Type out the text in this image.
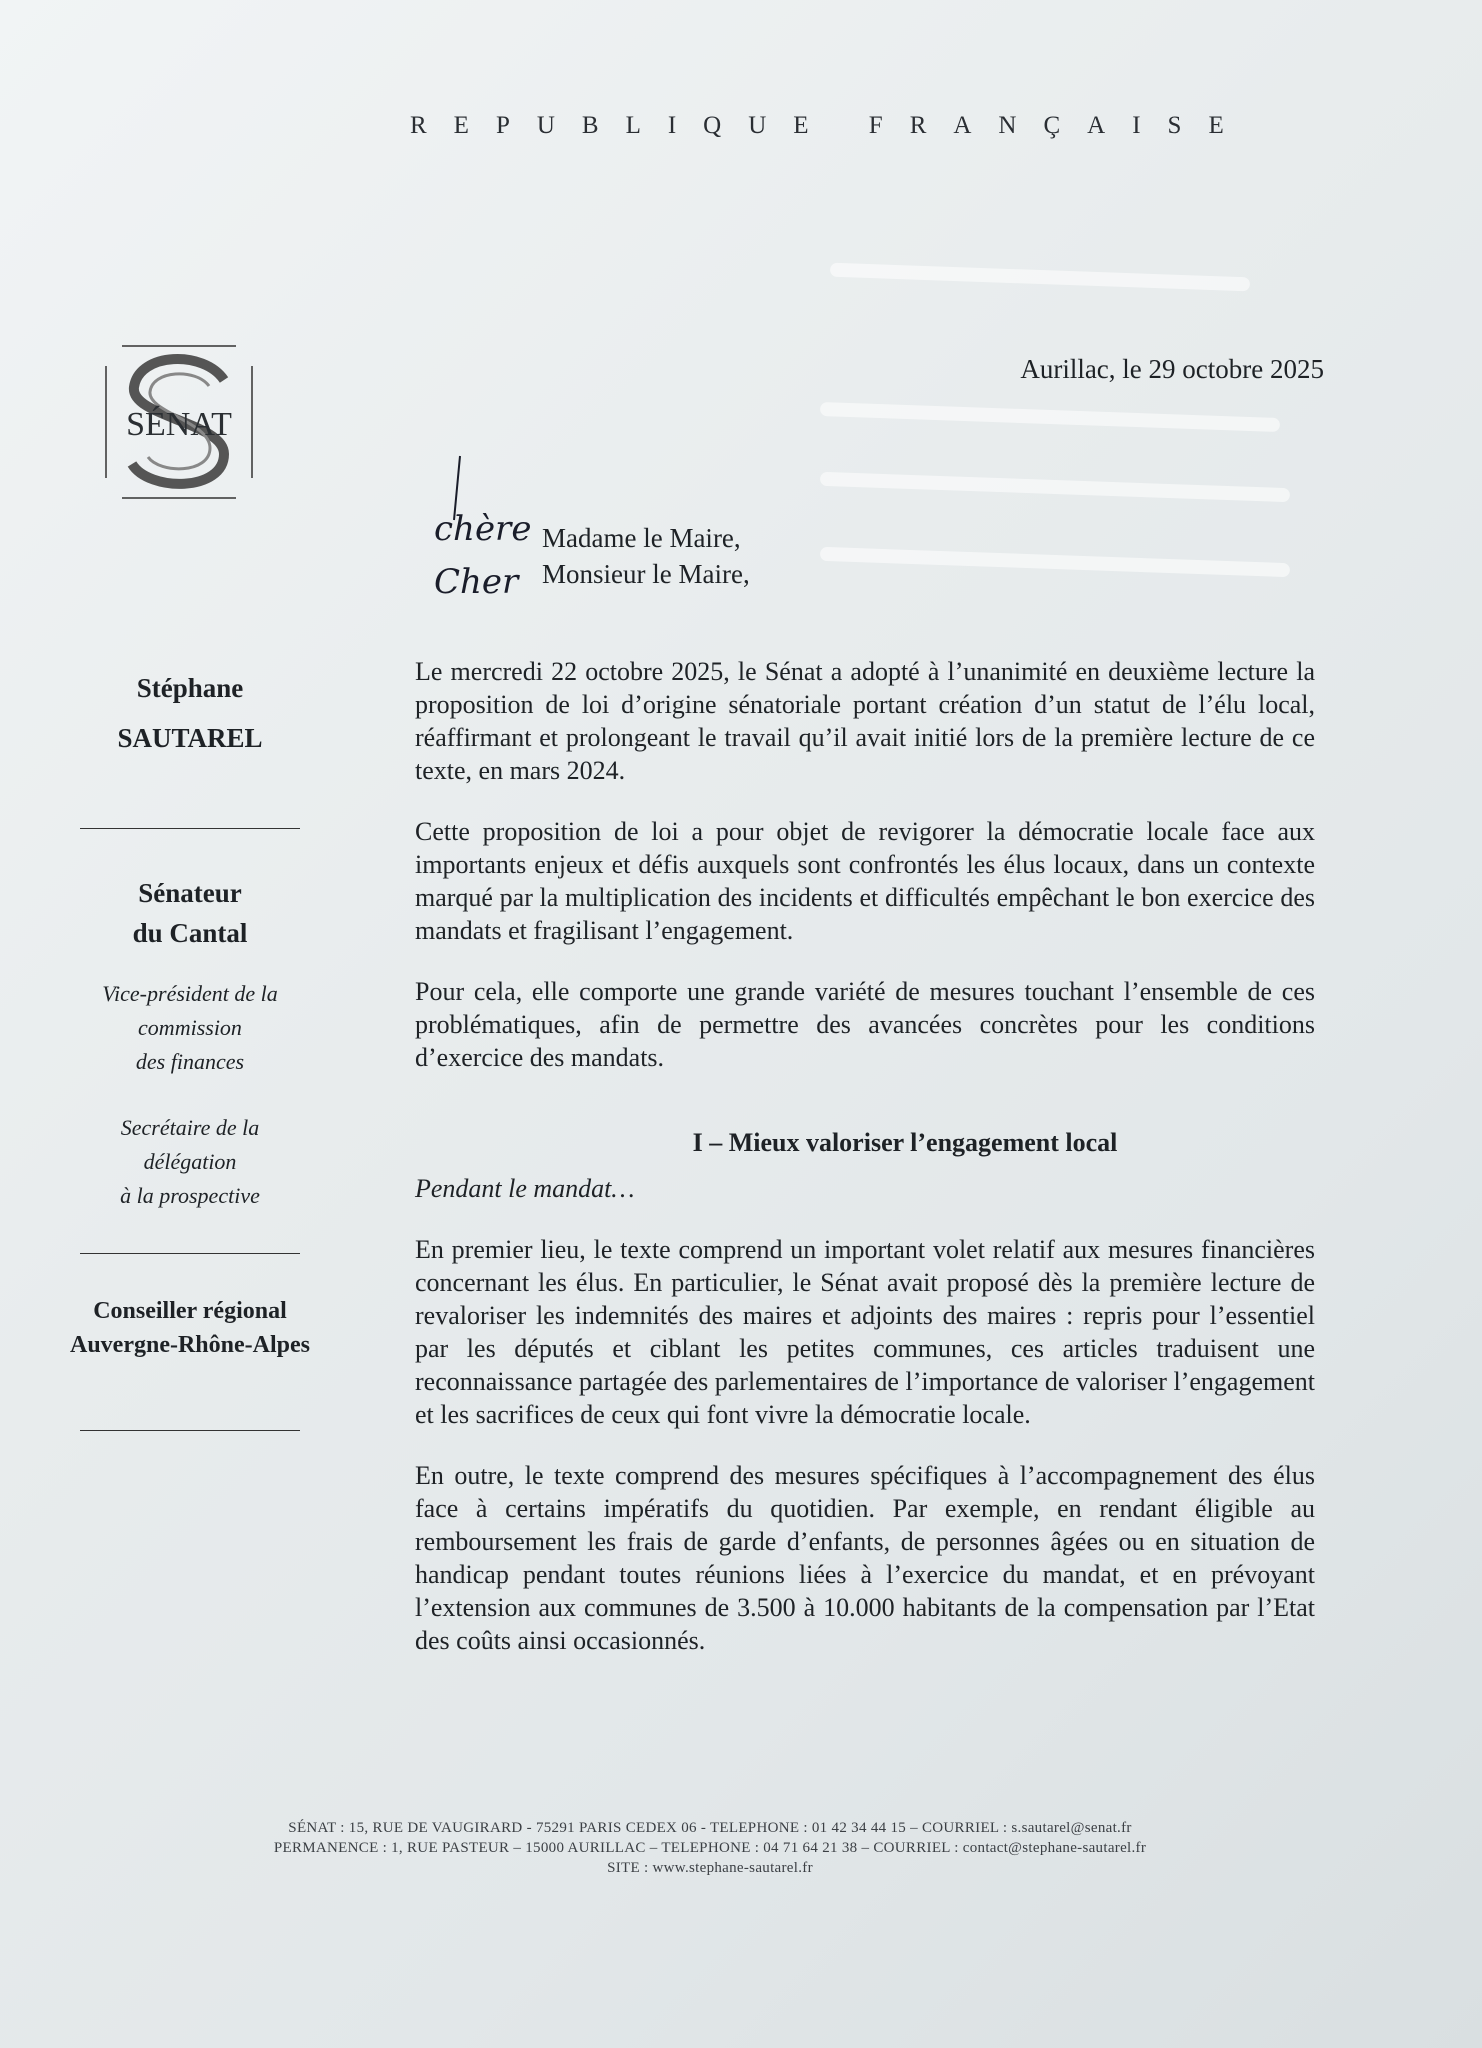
REPUBLIQUE FRANÇAISE
SÉNAT
Aurillac, le 29 octobre 2025
chère
Cher
Madame le Maire,
Monsieur le Maire,
Stéphane
SAUTAREL
Sénateur
du Cantal
Vice-président de la
commission
des finances
Secrétaire de la
délégation
à la prospective
Conseiller régional
Auvergne-Rhône-Alpes

Le mercredi 22 octobre 2025, le Sénat a adopté à l’unanimité en deuxième lecture la proposition de loi d’origine sénatoriale portant création d’un statut de l’élu local, réaffirmant et prolongeant le travail qu’il avait initié lors de la première lecture de ce texte, en mars 2024.

Cette proposition de loi a pour objet de revigorer la démocratie locale face aux importants enjeux et défis auxquels sont confrontés les élus locaux, dans un contexte marqué par la multiplication des incidents et difficultés empêchant le bon exercice des mandats et fragilisant l’engagement.

Pour cela, elle comporte une grande variété de mesures touchant l’ensemble de ces problématiques, afin de permettre des avancées concrètes pour les conditions d’exercice des mandats.

I – Mieux valoriser l’engagement local

Pendant le mandat…

En premier lieu, le texte comprend un important volet relatif aux mesures financières concernant les élus. En particulier, le Sénat avait proposé dès la première lecture de revaloriser les indemnités des maires et adjoints des maires : repris pour l’essentiel par les députés et ciblant les petites communes, ces articles traduisent une reconnaissance partagée des parlementaires de l’importance de valoriser l’engagement et les sacrifices de ceux qui font vivre la démocratie locale.

En outre, le texte comprend des mesures spécifiques à l’accompagnement des élus face à certains impératifs du quotidien. Par exemple, en rendant éligible au remboursement les frais de garde d’enfants, de personnes âgées ou en situation de handicap pendant toutes réunions liées à l’exercice du mandat, et en prévoyant l’extension aux communes de 3.500 à 10.000 habitants de la compensation par l’Etat des coûts ainsi occasionnés.

SÉNAT : 15, RUE DE VAUGIRARD - 75291 PARIS CEDEX 06 - TELEPHONE : 01 42 34 44 15 – COURRIEL : s.sautarel@senat.fr
PERMANENCE : 1, RUE PASTEUR – 15000 AURILLAC – TELEPHONE : 04 71 64 21 38 – COURRIEL : contact@stephane-sautarel.fr
SITE : www.stephane-sautarel.fr
